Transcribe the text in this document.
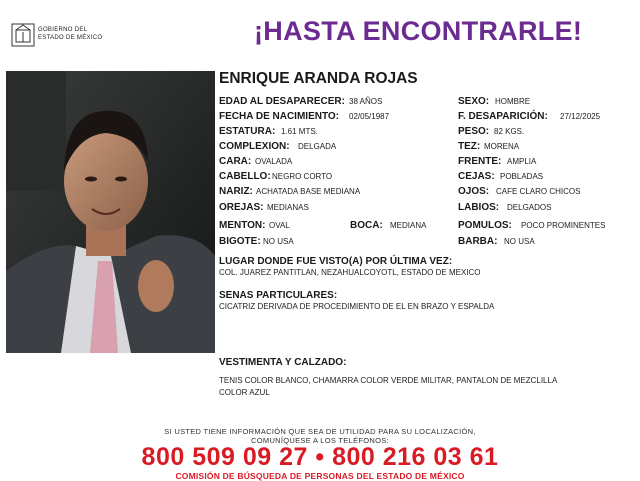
GOBIERNO DEL
ESTADO DE MÉXICO	¡HASTA ENCONTRARLE!
ENRIQUE ARANDA ROJAS
EDAD AL DESAPARECER: 38 AÑOS
FECHA DE NACIMIENTO: 02/05/1987
ESTATURA: 1.61 MTS.
COMPLEXION: DELGADA
CARA: OVALADA
CABELLO: NEGRO CORTO
NARIZ: ACHATADA BASE MEDIANA
OREJAS: MEDIANAS
MENTON: OVAL	BOCA: MEDIANA
BIGOTE: NO USA
SEXO: HOMBRE
F. DESAPARICIÓN: 27/12/2025
PESO: 82 KGS.
TEZ: MORENA
FRENTE: AMPLIA
CEJAS: POBLADAS
OJOS: CAFE CLARO CHICOS
LABIOS: DELGADOS
POMULOS: POCO PROMINENTES
BARBA: NO USA
LUGAR DONDE FUE VISTO(A) POR ÚLTIMA VEZ:
COL. JUAREZ PANTITLAN, NEZAHUALCOYOTL, ESTADO DE MEXICO
SENAS PARTICULARES:
CICATRIZ DERIVADA DE PROCEDIMIENTO DE EL EN BRAZO Y ESPALDA
VESTIMENTA Y CALZADO:
TENIS COLOR BLANCO, CHAMARRA COLOR VERDE MILITAR, PANTALON DE MEZCLILLA
COLOR AZUL
SI USTED TIENE INFORMACIÓN QUE SEA DE UTILIDAD PARA SU LOCALIZACIÓN,
COMUNÍQUESE A LOS TELÉFONOS:
800 509 09 27 • 800 216 03 61
COMISIÓN DE BÚSQUEDA DE PERSONAS DEL ESTADO DE MÉXICO
